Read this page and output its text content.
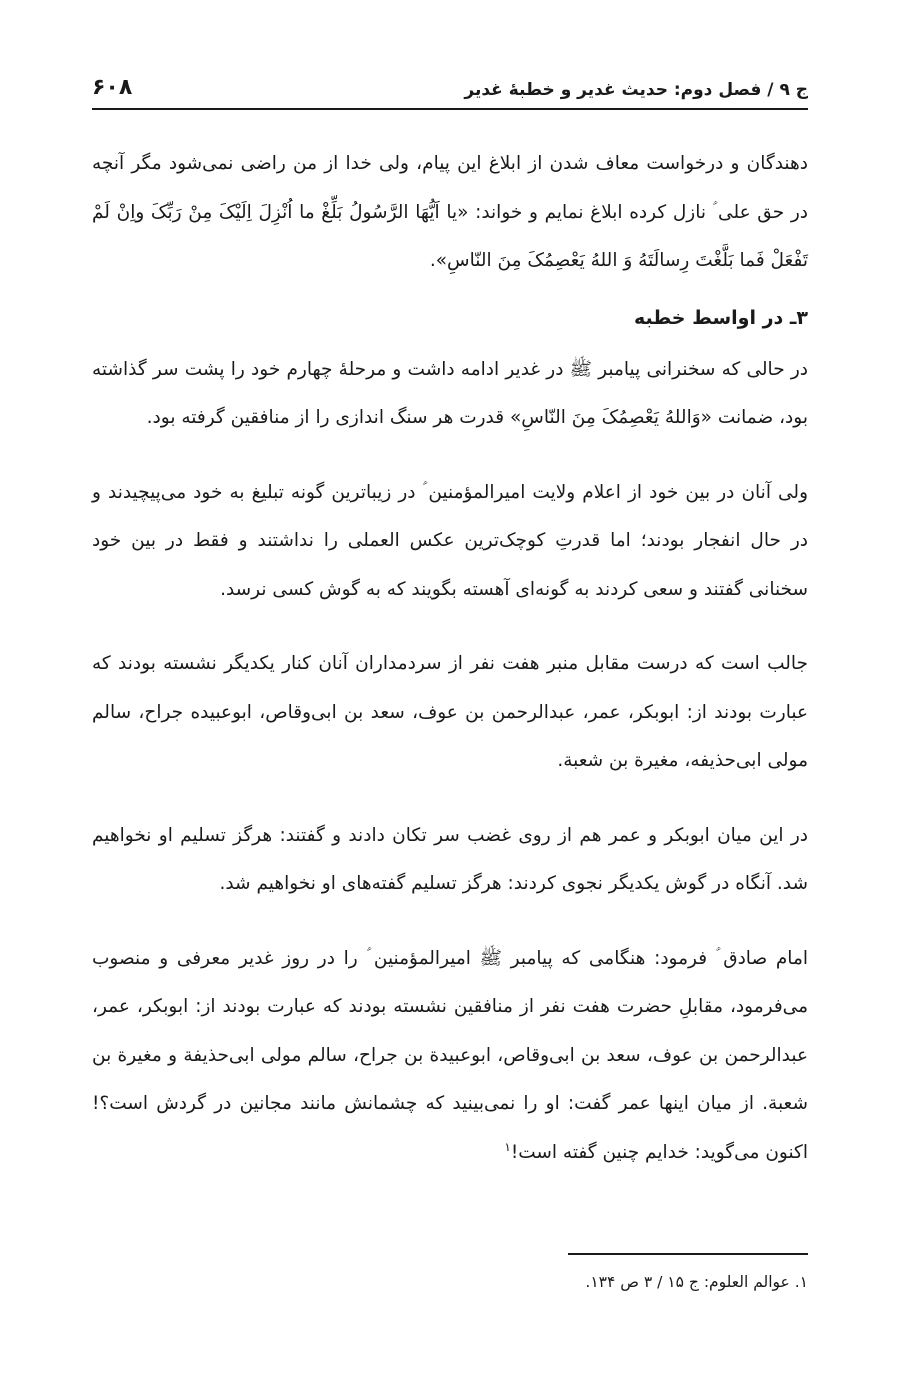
ج ۹ / فصل دوم: حديث غدير و خطبهٔ غدير
۶۰۸

دهندگان و درخواست معاف شدن از ابلاغ این پیام، ولی خدا از من راضی نمی‌شود مگر آنچه در حق علی ؑ نازل کرده ابلاغ نمایم و خواند: «یا اَیُّهَا الرَّسُولُ بَلِّغْ ما اُنْزِلَ اِلَیْکَ مِنْ رَبِّکَ واِنْ لَمْ تَفْعَلْ فَما بَلَّغْتَ رِسالَتَهُ وَ اللهُ یَعْصِمُکَ مِنَ النّاسِ».

۳ـ در اواسط خطبه

در حالی که سخنرانی پیامبر ﷺ در غدیر ادامه داشت و مرحلهٔ چهارم خود را پشت سر گذاشته بود، ضمانت «وَاللهُ یَعْصِمُکَ مِنَ النّاسِ» قدرت هر سنگ اندازی را از منافقین گرفته بود.

ولی آنان در بین خود از اعلام ولایت امیرالمؤمنین ؑ در زیباترین گونه تبلیغ به خود می‌پیچیدند و در حال انفجار بودند؛ اما قدرتِ کوچک‌ترین عکس العملی را نداشتند و فقط در بین خود سخنانی گفتند و سعی کردند به گونه‌ای آهسته بگویند که به گوش کسی نرسد.

جالب است که درست مقابل منبر هفت نفر از سردمداران آنان کنار یکدیگر نشسته بودند که عبارت بودند از: ابوبکر، عمر، عبدالرحمن بن عوف، سعد بن ابی‌وقاص، ابوعبیده جراح، سالم مولی ابی‌حذیفه، مغیرة بن شعبة.

در این میان ابوبکر و عمر هم از روی غضب سر تکان دادند و گفتند: هرگز تسلیم او نخواهیم شد. آنگاه در گوش یکدیگر نجوی کردند: هرگز تسلیم گفته‌های او نخواهیم شد.

امام صادق ؑ فرمود: هنگامی که پیامبر ﷺ امیرالمؤمنین ؑ را در روز غدیر معرفی و منصوب می‌فرمود، مقابلِ حضرت هفت نفر از منافقین نشسته بودند که عبارت بودند از: ابوبکر، عمر، عبدالرحمن بن عوف، سعد بن ابی‌وقاص، ابوعبیدة بن جراح، سالم مولی ابی‌حذیفة و مغیرة بن شعبة. از میان اینها عمر گفت: او را نمی‌بینید که چشمانش مانند مجانین در گردش است؟! اکنون می‌گوید: خدایم چنین گفته است!$^۱$

۱. عوالم العلوم: ج ۱۵ / ۳ ص ۱۳۴.
